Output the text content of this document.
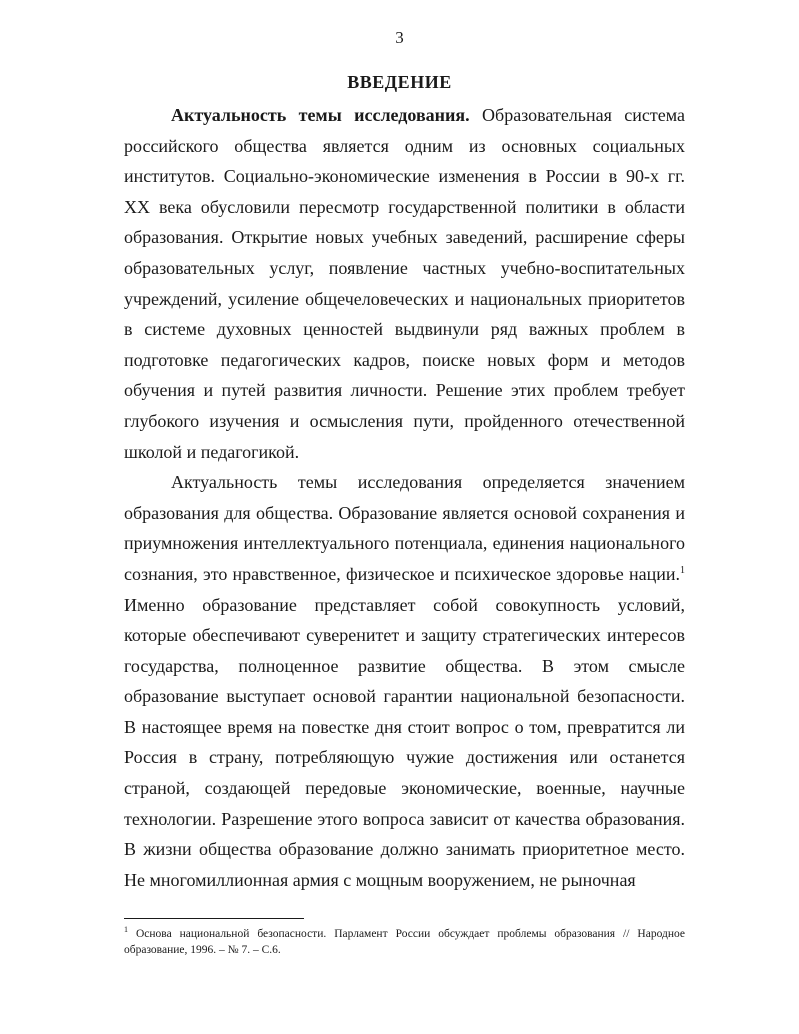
3
ВВЕДЕНИЕ

Актуальность темы исследования. Образовательная система российского общества является одним из основных социальных институтов. Социально-экономические изменения в России в 90-х гг. XX века обусловили пересмотр государственной политики в области образования. Открытие новых учебных заведений, расширение сферы образовательных услуг, появление частных учебно-воспитательных учреждений, усиление общечеловеческих и национальных приоритетов в системе духовных ценностей выдвинули ряд важных проблем в подготовке педагогических кадров, поиске новых форм и методов обучения и путей развития личности. Решение этих проблем требует глубокого изучения и осмысления пути, пройденного отечественной школой и педагогикой.

Актуальность темы исследования определяется значением образования для общества. Образование является основой сохранения и приумножения интеллектуального потенциала, единения национального сознания, это нравственное, физическое и психическое здоровье нации.$^1$ Именно образование представляет собой совокупность условий, которые обеспечивают суверенитет и защиту стратегических интересов государства, полноценное развитие общества. В этом смысле образование выступает основой гарантии национальной безопасности. В настоящее время на повестке дня стоит вопрос о том, превратится ли Россия в страну, потребляющую чужие достижения или останется страной, создающей передовые экономические, военные, научные технологии. Разрешение этого вопроса зависит от качества образования. В жизни общества образование должно занимать приоритетное место. Не многомиллионная армия с мощным вооружением, не рыночная

$^1$ Основа национальной безопасности. Парламент России обсуждает проблемы образования // Народное образование, 1996. – № 7. – С.6.
